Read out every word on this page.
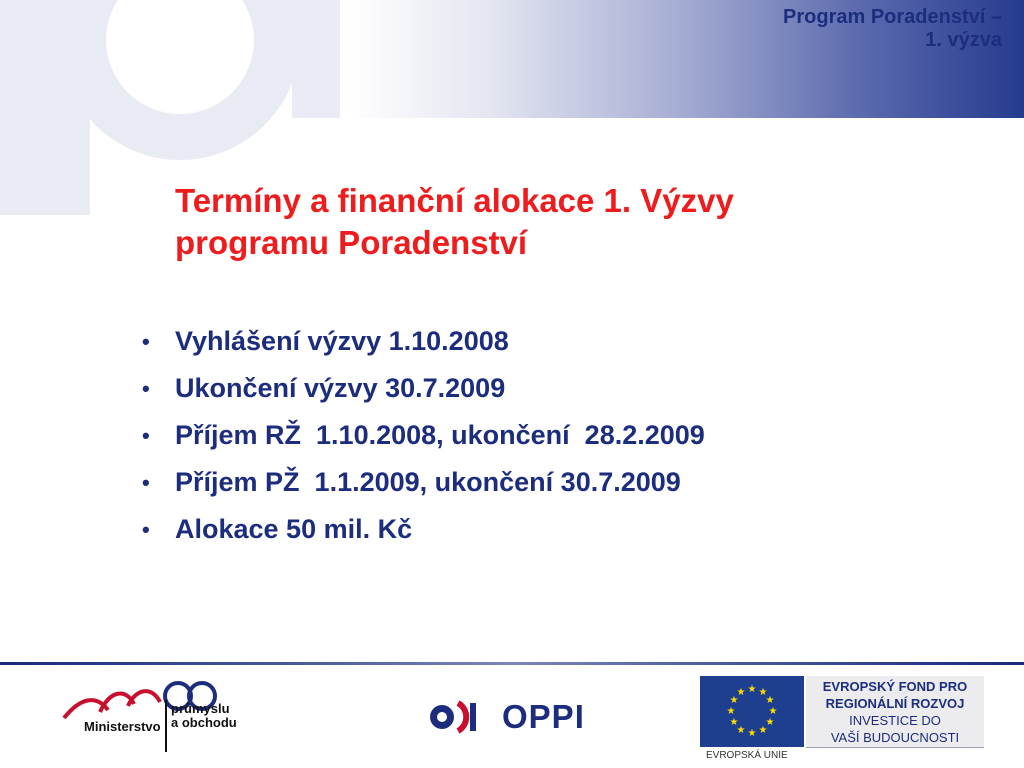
Program Poradenství –
1. výzva
Termíny a finanční alokace 1. Výzvy
programu Poradenství
• Vyhlášení výzvy 1.10.2008
• Ukončení výzvy 30.7.2009
• Příjem RŽ  1.10.2008, ukončení  28.2.2009
• Příjem PŽ  1.1.2009, ukončení 30.7.2009
• Alokace 50 mil. Kč
Ministerstvo
průmyslu
a obchodu	OPPI
★ ★
★
★
★
★
★
★
★
★
★
★
EVROPSKÁ UNIE
EVROPSKÝ FOND PRO
REGIONÁLNÍ ROZVOJ
INVESTICE DO
VAŠÍ BUDOUCNOSTI
